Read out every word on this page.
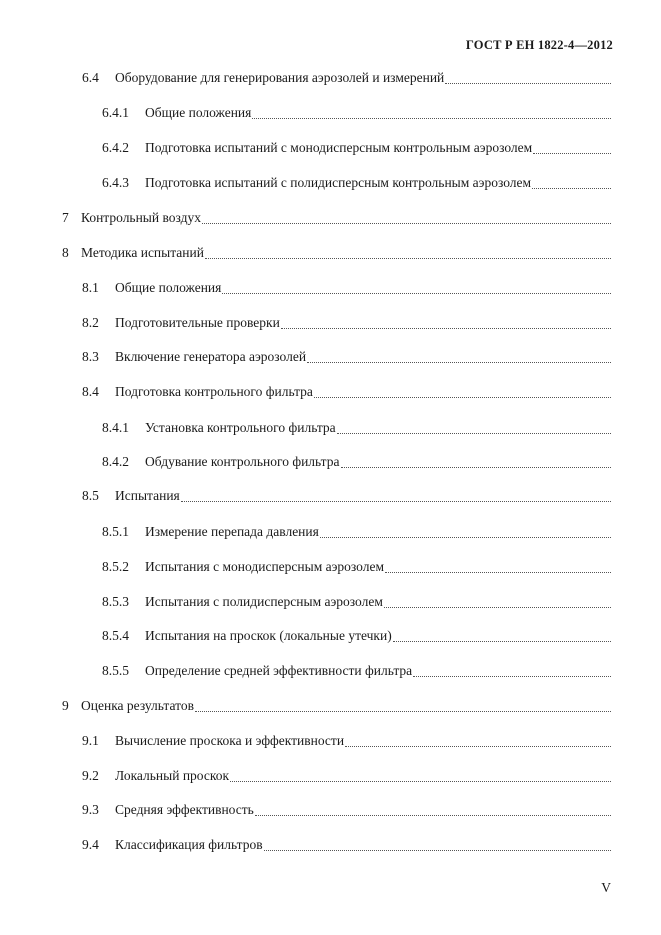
ГОСТ Р ЕН 1822-4—2012
6.4	Оборудование для генерирования аэрозолей и измерений
6.4.1	Общие положения
6.4.2	Подготовка испытаний с монодисперсным контрольным аэрозолем
6.4.3	Подготовка испытаний с полидисперсным контрольным аэрозолем
7 Контрольный воздух
8 Методика испытаний
8.1	Общие положения
8.2	Подготовительные проверки
8.3	Включение генератора аэрозолей
8.4	Подготовка контрольного фильтра
8.4.1	Установка контрольного фильтра
8.4.2	Обдувание контрольного фильтра
8.5	Испытания
8.5.1	Измерение перепада давления
8.5.2	Испытания с монодисперсным аэрозолем
8.5.3	Испытания с полидисперсным аэрозолем
8.5.4	Испытания на проскок (локальные утечки)
8.5.5	Определение средней эффективности фильтра
9 Оценка результатов
9.1	Вычисление проскока и эффективности
9.2	Локальный проскок
9.3	Средняя эффективность
9.4	Классификация фильтров
V
